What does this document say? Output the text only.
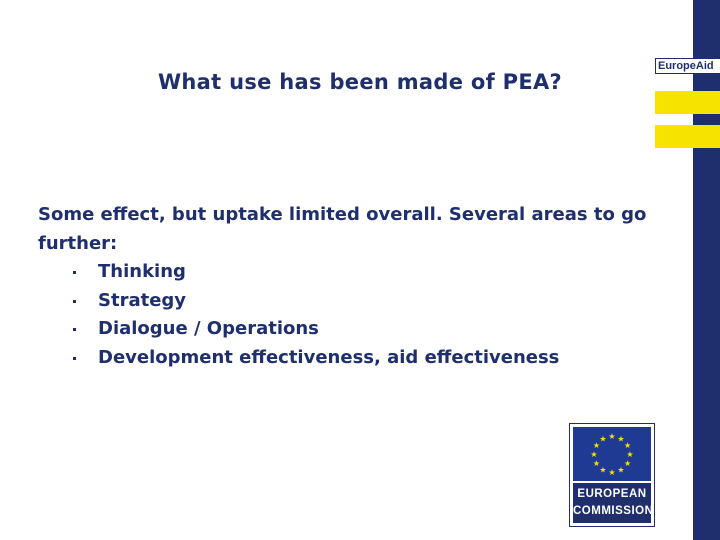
What use has been made of PEA?

Some effect, but uptake limited overall. Several areas to go further:

Thinking
Strategy
Dialogue / Operations
Development effectiveness, aid effectiveness
EuropeAid
★ ★
★
★
★
★
★
★
★
★
★
★
EUROPEAN
COMMISSION
